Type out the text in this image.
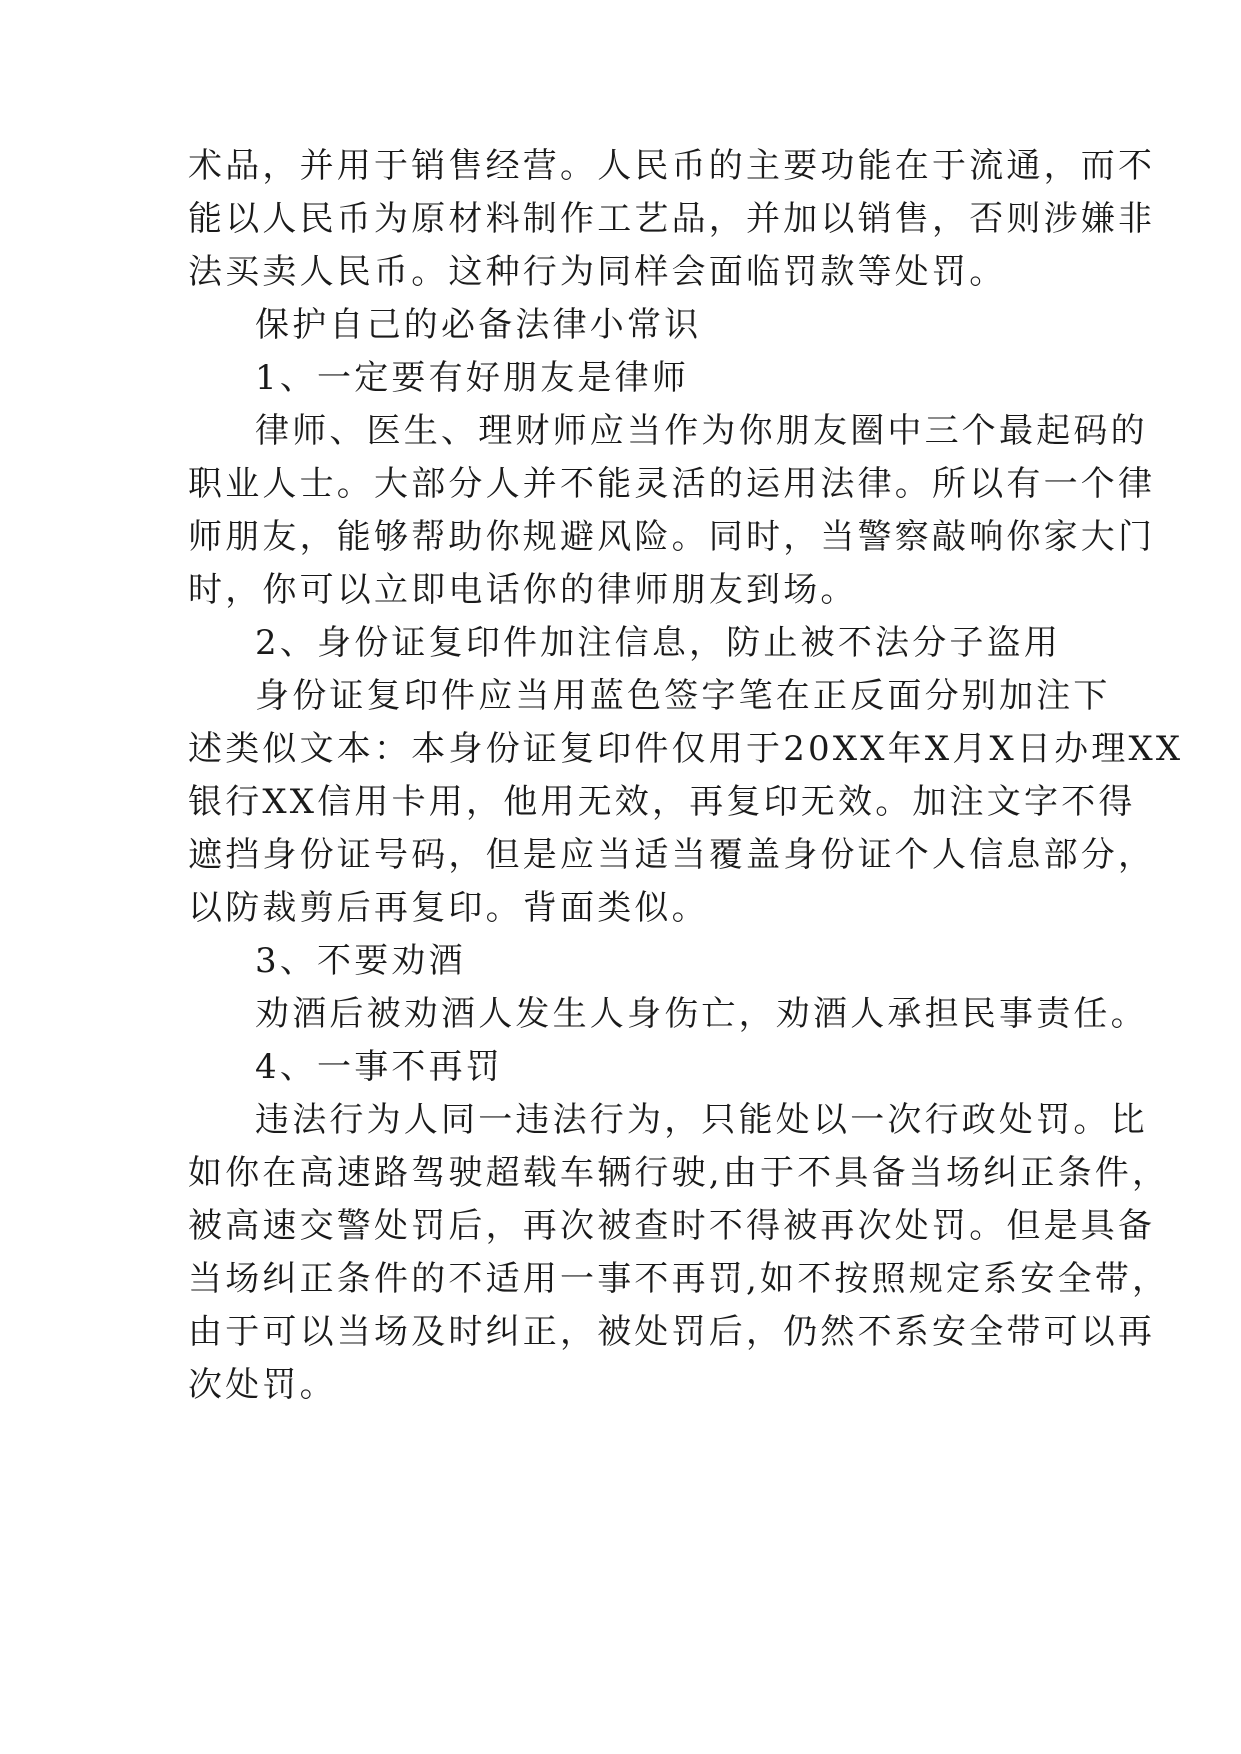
术品，并用于销售经营。人民币的主要功能在于流通，而不
能以人民币为原材料制作工艺品，并加以销售，否则涉嫌非
法买卖人民币。这种行为同样会面临罚款等处罚。
保护自己的必备法律小常识
1、一定要有好朋友是律师
律师、医生、理财师应当作为你朋友圈中三个最起码的
职业人士。大部分人并不能灵活的运用法律。所以有一个律
师朋友，能够帮助你规避风险。同时，当警察敲响你家大门
时，你可以立即电话你的律师朋友到场。
2、身份证复印件加注信息，防止被不法分子盗用
身份证复印件应当用蓝色签字笔在正反面分别加注下
述类似文本：本身份证复印件仅用于20XX年X月X日办理XX
银行XX信用卡用，他用无效，再复印无效。加注文字不得
遮挡身份证号码，但是应当适当覆盖身份证个人信息部分，
以防裁剪后再复印。背面类似。
3、不要劝酒
劝酒后被劝酒人发生人身伤亡，劝酒人承担民事责任。
4、一事不再罚
违法行为人同一违法行为，只能处以一次行政处罚。比
如你在高速路驾驶超载车辆行驶,由于不具备当场纠正条件，
被高速交警处罚后，再次被查时不得被再次处罚。但是具备
当场纠正条件的不适用一事不再罚,如不按照规定系安全带，
由于可以当场及时纠正，被处罚后，仍然不系安全带可以再
次处罚。
